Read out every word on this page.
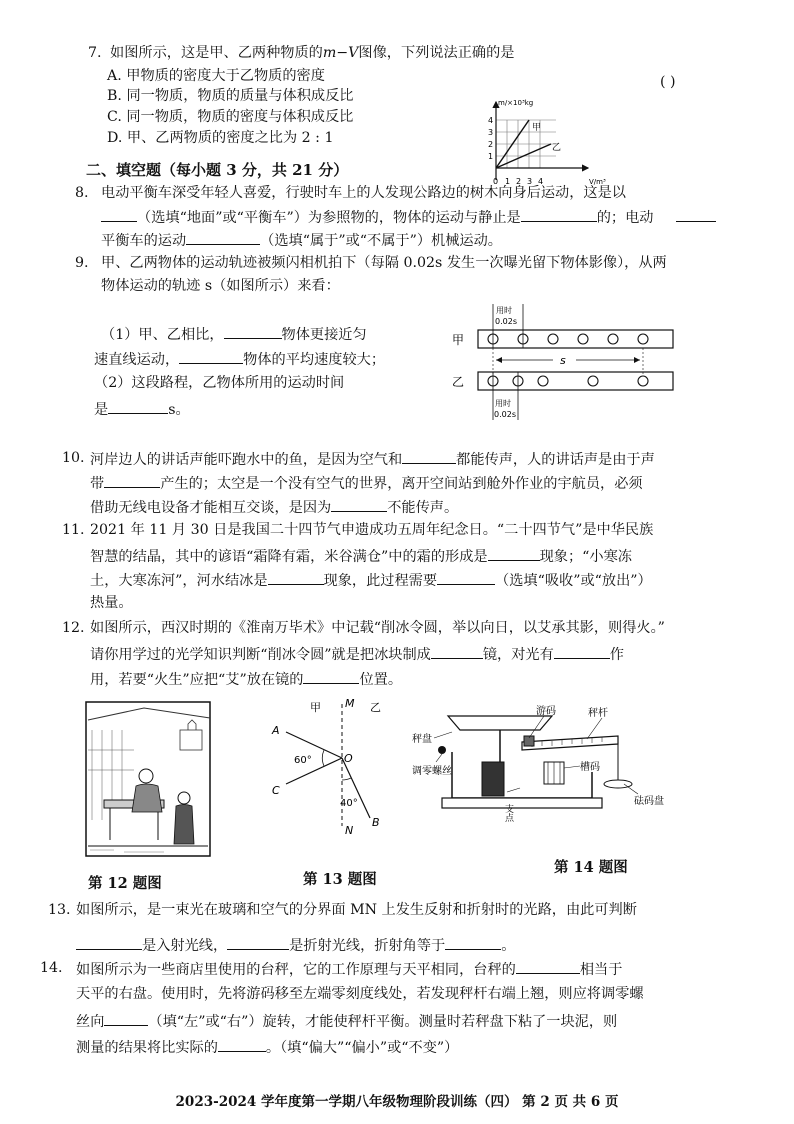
7. 如图所示，这是甲、乙两种物质的m−V图像，下列说法正确的是
( )
A. 甲物质的密度大于乙物质的密度
B. 同一物质，物质的质量与体积成反比
C. 同一物质，物质的密度与体积成反比
D. 甲、乙两物质的密度之比为 2 : 1
m/×10³kg
V/m³
1
2
3
4
0 1 2 3 4
甲
乙
二、填空题（每小题 3 分，共 21 分）
8. 电动平衡车深受年轻人喜爱，行驶时车上的人发现公路边的树木向身后运动，这是以
（选填“地面”或“平衡车”）为参照物的，物体的运动与静止是	的；电动
平衡车的运动	（选填“属于”或“不属于”）机械运动。
9. 甲、乙两物体的运动轨迹被频闪相机拍下（每隔 0.02s 发生一次曝光留下物体影像），从两
物体运动的轨迹 s（如图所示）来看：
（1）甲、乙相比，	物体更接近匀
速直线运动，	物体的平均速度较大；
（2）这段路程，乙物体所用的运动时间
是	s。
用时
0.02s
甲
s
乙
用时
0.02s
10. 河岸边人的讲话声能吓跑水中的鱼，是因为空气和	都能传声，人的讲话声是由于声
带	产生的；太空是一个没有空气的世界，离开空间站到舱外作业的宇航员，必须
借助无线电设备才能相互交谈，是因为	不能传声。
11. 2021 年 11 月 30 日是我国二十四节气申遗成功五周年纪念日。“二十四节气”是中华民族
智慧的结晶，其中的谚语“霜降有霜，米谷满仓”中的霜的形成是	现象；“小寒冻
土，大寒冻河”，河水结冰是	现象，此过程需要	（选填“吸收”或“放出”）
热量。
12. 如图所示，西汉时期的《淮南万毕术》中记载“削冰令圆，举以向日，以艾承其影，则得火。”
请你用学过的光学知识判断“削冰令圆”就是把冰块制成	镜，对光有	作
用，若要“火生”应把“艾”放在镜的	位置。
M
N
甲	乙
A
C
B
O
60°
40°
游码	秤杆
秤盘
调零螺丝	槽码
支点
砝码盘
第 12 题图	第 13 题图
第 14 题图
13. 如图所示，是一束光在玻璃和空气的分界面 MN 上发生反射和折射时的光路，由此可判断
是入射光线，	是折射光线，折射角等于	。
14. 如图所示为一些商店里使用的台秤，它的工作原理与天平相同，台秤的	相当于
天平的右盘。使用时，先将游码移至左端零刻度线处，若发现秤杆右端上翘，则应将调零螺
丝向	（填“左”或“右”）旋转，才能使秤杆平衡。测量时若秤盘下粘了一块泥，则
测量的结果将比实际的	。（填“偏大”“偏小”或“不变”）
2023-2024 学年度第一学期八年级物理阶段训练（四） 第 2 页 共 6 页
